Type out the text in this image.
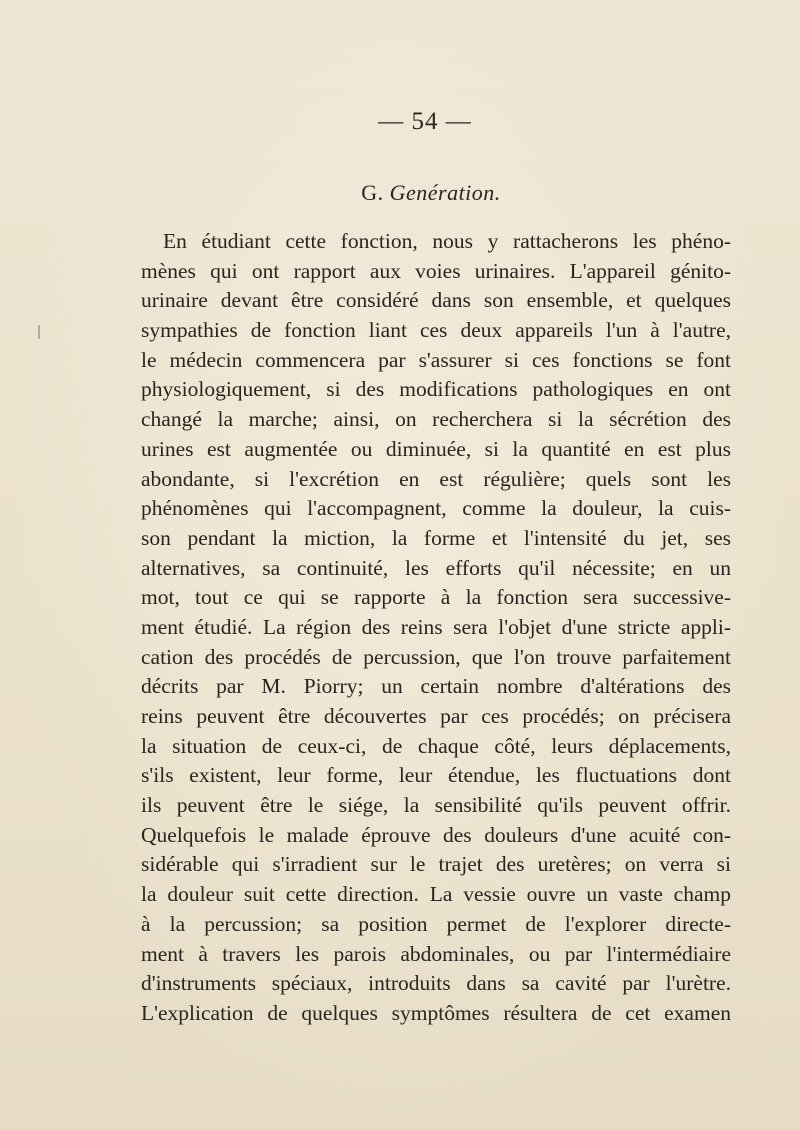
— 54 —
G. Genération.
En étudiant cette fonction, nous y rattacherons les phéno-
mènes qui ont rapport aux voies urinaires. L'appareil génito-
urinaire devant être considéré dans son ensemble, et quelques
sympathies de fonction liant ces deux appareils l'un à l'autre,
le médecin commencera par s'assurer si ces fonctions se font
physiologiquement, si des modifications pathologiques en ont
changé la marche; ainsi, on recherchera si la sécrétion des
urines est augmentée ou diminuée, si la quantité en est plus
abondante, si l'excrétion en est régulière; quels sont les
phénomènes qui l'accompagnent, comme la douleur, la cuis-
son pendant la miction, la forme et l'intensité du jet, ses
alternatives, sa continuité, les efforts qu'il nécessite; en un
mot, tout ce qui se rapporte à la fonction sera successive-
ment étudié. La région des reins sera l'objet d'une stricte appli-
cation des procédés de percussion, que l'on trouve parfaitement
décrits par M. Piorry; un certain nombre d'altérations des
reins peuvent être découvertes par ces procédés; on précisera
la situation de ceux-ci, de chaque côté, leurs déplacements,
s'ils existent, leur forme, leur étendue, les fluctuations dont
ils peuvent être le siége, la sensibilité qu'ils peuvent offrir.
Quelquefois le malade éprouve des douleurs d'une acuité con-
sidérable qui s'irradient sur le trajet des uretères; on verra si
la douleur suit cette direction. La vessie ouvre un vaste champ
à la percussion; sa position permet de l'explorer directe-
ment à travers les parois abdominales, ou par l'intermédiaire
d'instruments spéciaux, introduits dans sa cavité par l'urètre.
L'explication de quelques symptômes résultera de cet examen
